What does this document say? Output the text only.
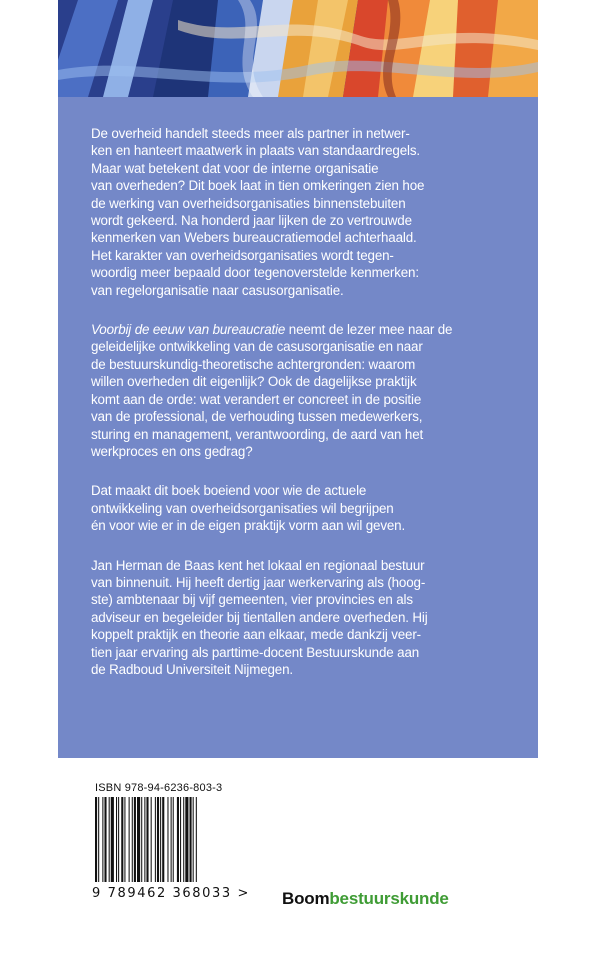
De overheid handelt steeds meer als partner in netwer-
ken en hanteert maatwerk in plaats van standaardregels.
Maar wat betekent dat voor de interne organisatie
van overheden? Dit boek laat in tien omkeringen zien hoe
de werking van overheidsorganisaties binnenstebuiten
wordt gekeerd. Na honderd jaar lijken de zo vertrouwde
kenmerken van Webers bureaucratiemodel achterhaald.
Het karakter van overheidsorganisaties wordt tegen-
woordig meer bepaald door tegenoverstelde kenmerken:
van regelorganisatie naar casusorganisatie.

Voorbij de eeuw van bureaucratie neemt de lezer mee naar de
geleidelijke ontwikkeling van de casusorganisatie en naar
de bestuurskundig-theoretische achtergronden: waarom
willen overheden dit eigenlijk? Ook de dagelijkse praktijk
komt aan de orde: wat verandert er concreet in de positie
van de professional, de verhouding tussen medewerkers,
sturing en management, verantwoording, de aard van het
werkproces en ons gedrag?

Dat maakt dit boek boeiend voor wie de actuele
ontwikkeling van overheidsorganisaties wil begrijpen
én voor wie er in de eigen praktijk vorm aan wil geven.

Jan Herman de Baas kent het lokaal en regionaal bestuur
van binnenuit. Hij heeft dertig jaar werkervaring als (hoog-
ste) ambtenaar bij vijf gemeenten, vier provincies en als
adviseur en begeleider bij tientallen andere overheden. Hij
koppelt praktijk en theorie aan elkaar, mede dankzij veer-
tien jaar ervaring als parttime-docent Bestuurskunde aan
de Radboud Universiteit Nijmegen.

ISBN 978-94-6236-803-3
9 789462 368033 > Boombestuurskunde
